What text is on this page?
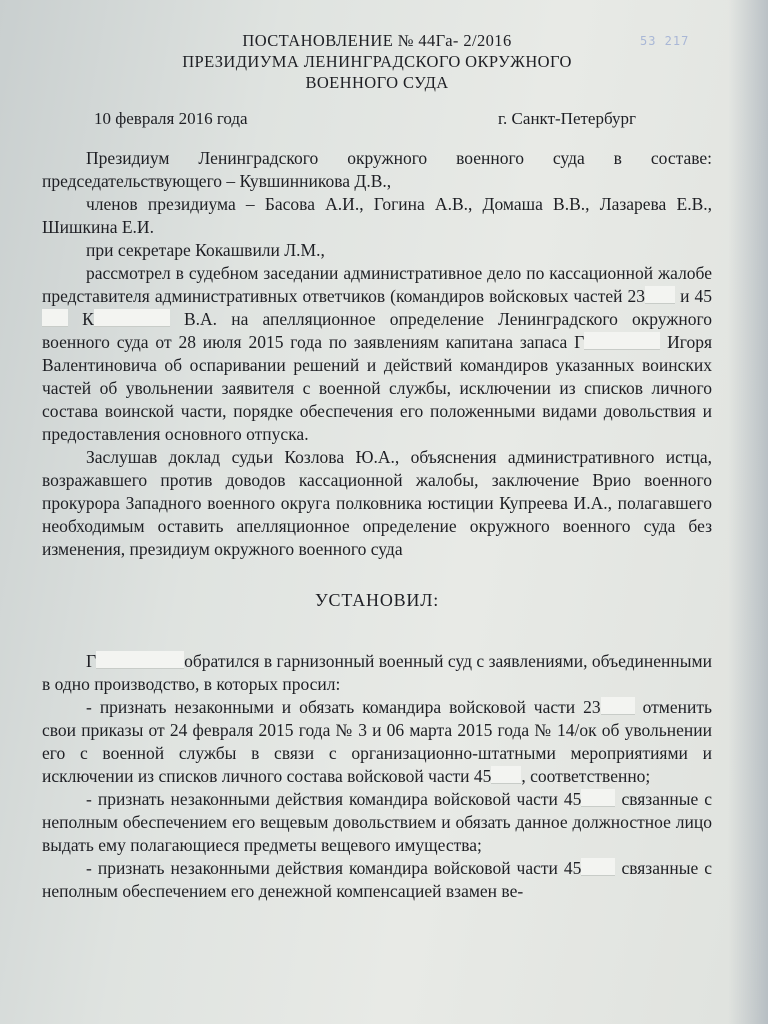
53 217
ПОСТАНОВЛЕНИЕ № 44Га- 2/2016
ПРЕЗИДИУМА ЛЕНИНГРАДСКОГО ОКРУЖНОГО
ВОЕННОГО СУДА
10 февраля 2016 года	г. Санкт-Петербург

Президиум Ленинградского окружного военного суда в составе: председательствующего – Кувшинникова Д.В.,

членов президиума – Басова А.И., Гогина А.В., Домаша В.В., Лазарева Е.В., Шишкина Е.И.

при секретаре Кокашвили Л.М.,

рассмотрел в судебном заседании административное дело по кассационной жалобе представителя административных ответчиков (командиров войсковых частей 23 и 45 К	В.А. на апелляционное определение Ленинградского окружного военного суда от 28 июля 2015 года по заявлениям капитана запаса Г	Игоря Валентиновича об оспаривании решений и действий командиров указанных воинских частей об увольнении заявителя с военной службы, исключении из списков личного состава воинской части, порядке обеспечения его положенными видами довольствия и предоставления основного отпуска.

Заслушав доклад судьи Козлова Ю.А., объяснения административного истца, возражавшего против доводов кассационной жалобы, заключение Врио военного прокурора Западного военного округа полковника юстиции Купреева И.А., полагавшего необходимым оставить апелляционное определение окружного военного суда без изменения, президиум окружного военного суда

УСТАНОВИЛ:

Г	обратился в гарнизонный военный суд с заявлениями, объединенными в одно производство, в которых просил:

- признать незаконными и обязать командира войсковой части 23 отменить свои приказы от 24 февраля 2015 года № 3 и 06 марта 2015 года № 14/ок об увольнении его с военной службы в связи с организационно-штатными мероприятиями и исключении из списков личного состава войсковой части 45 , соответственно;

- признать незаконными действия командира войсковой части 45 связанные с неполным обеспечением его вещевым довольствием и обязать данное должностное лицо выдать ему полагающиеся предметы вещевого имущества;

- признать незаконными действия командира войсковой части 45 связанные с неполным обеспечением его денежной компенсацией взамен ве-
